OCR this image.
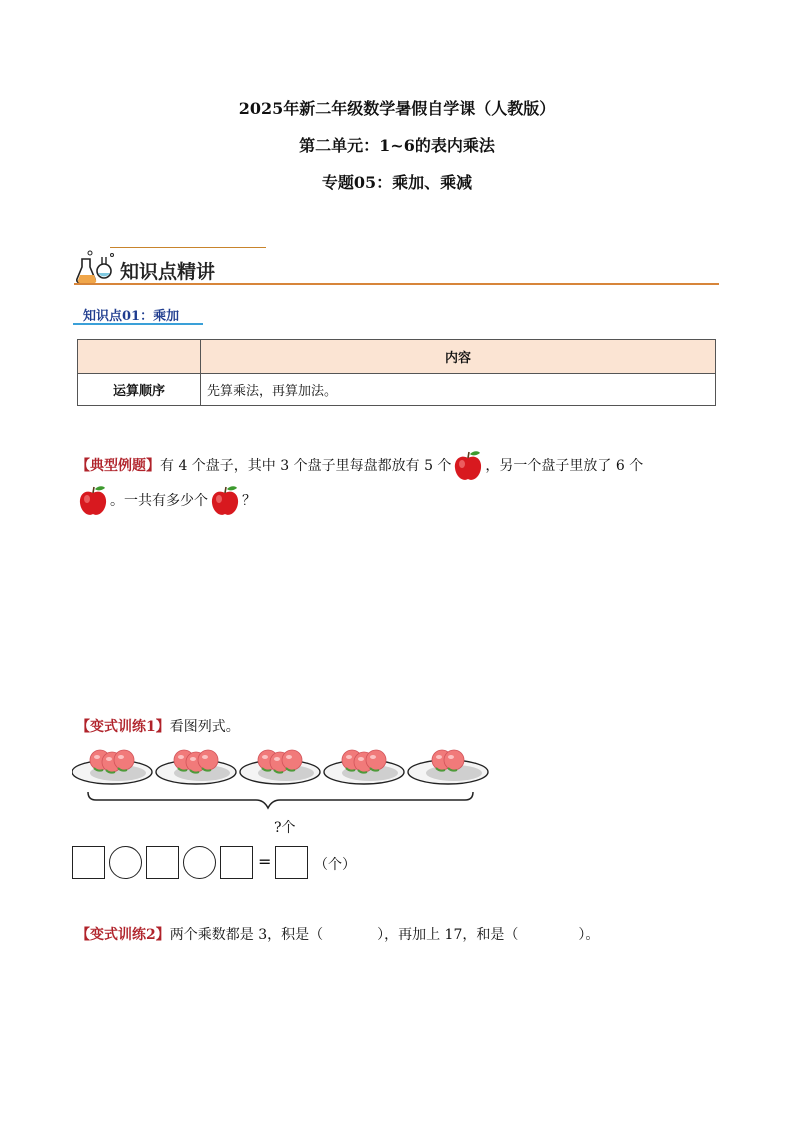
2025年新二年级数学暑假自学课（人教版）
第二单元：1~6的表内乘法
专题05：乘加、乘减
知识点精讲
知识点01：乘加
	内容
运算顺序	先算乘法，再算加法。
【典型例题】有 4 个盘子，其中 3 个盘子里每盘都放有 5 个 ，另一个盘子里放了 6 个
。一共有多少个 ？
【变式训练1】看图列式。
?个
=	（个）
【变式训练2】两个乘数都是 3，积是（	），再加上 17，和是（	）。
